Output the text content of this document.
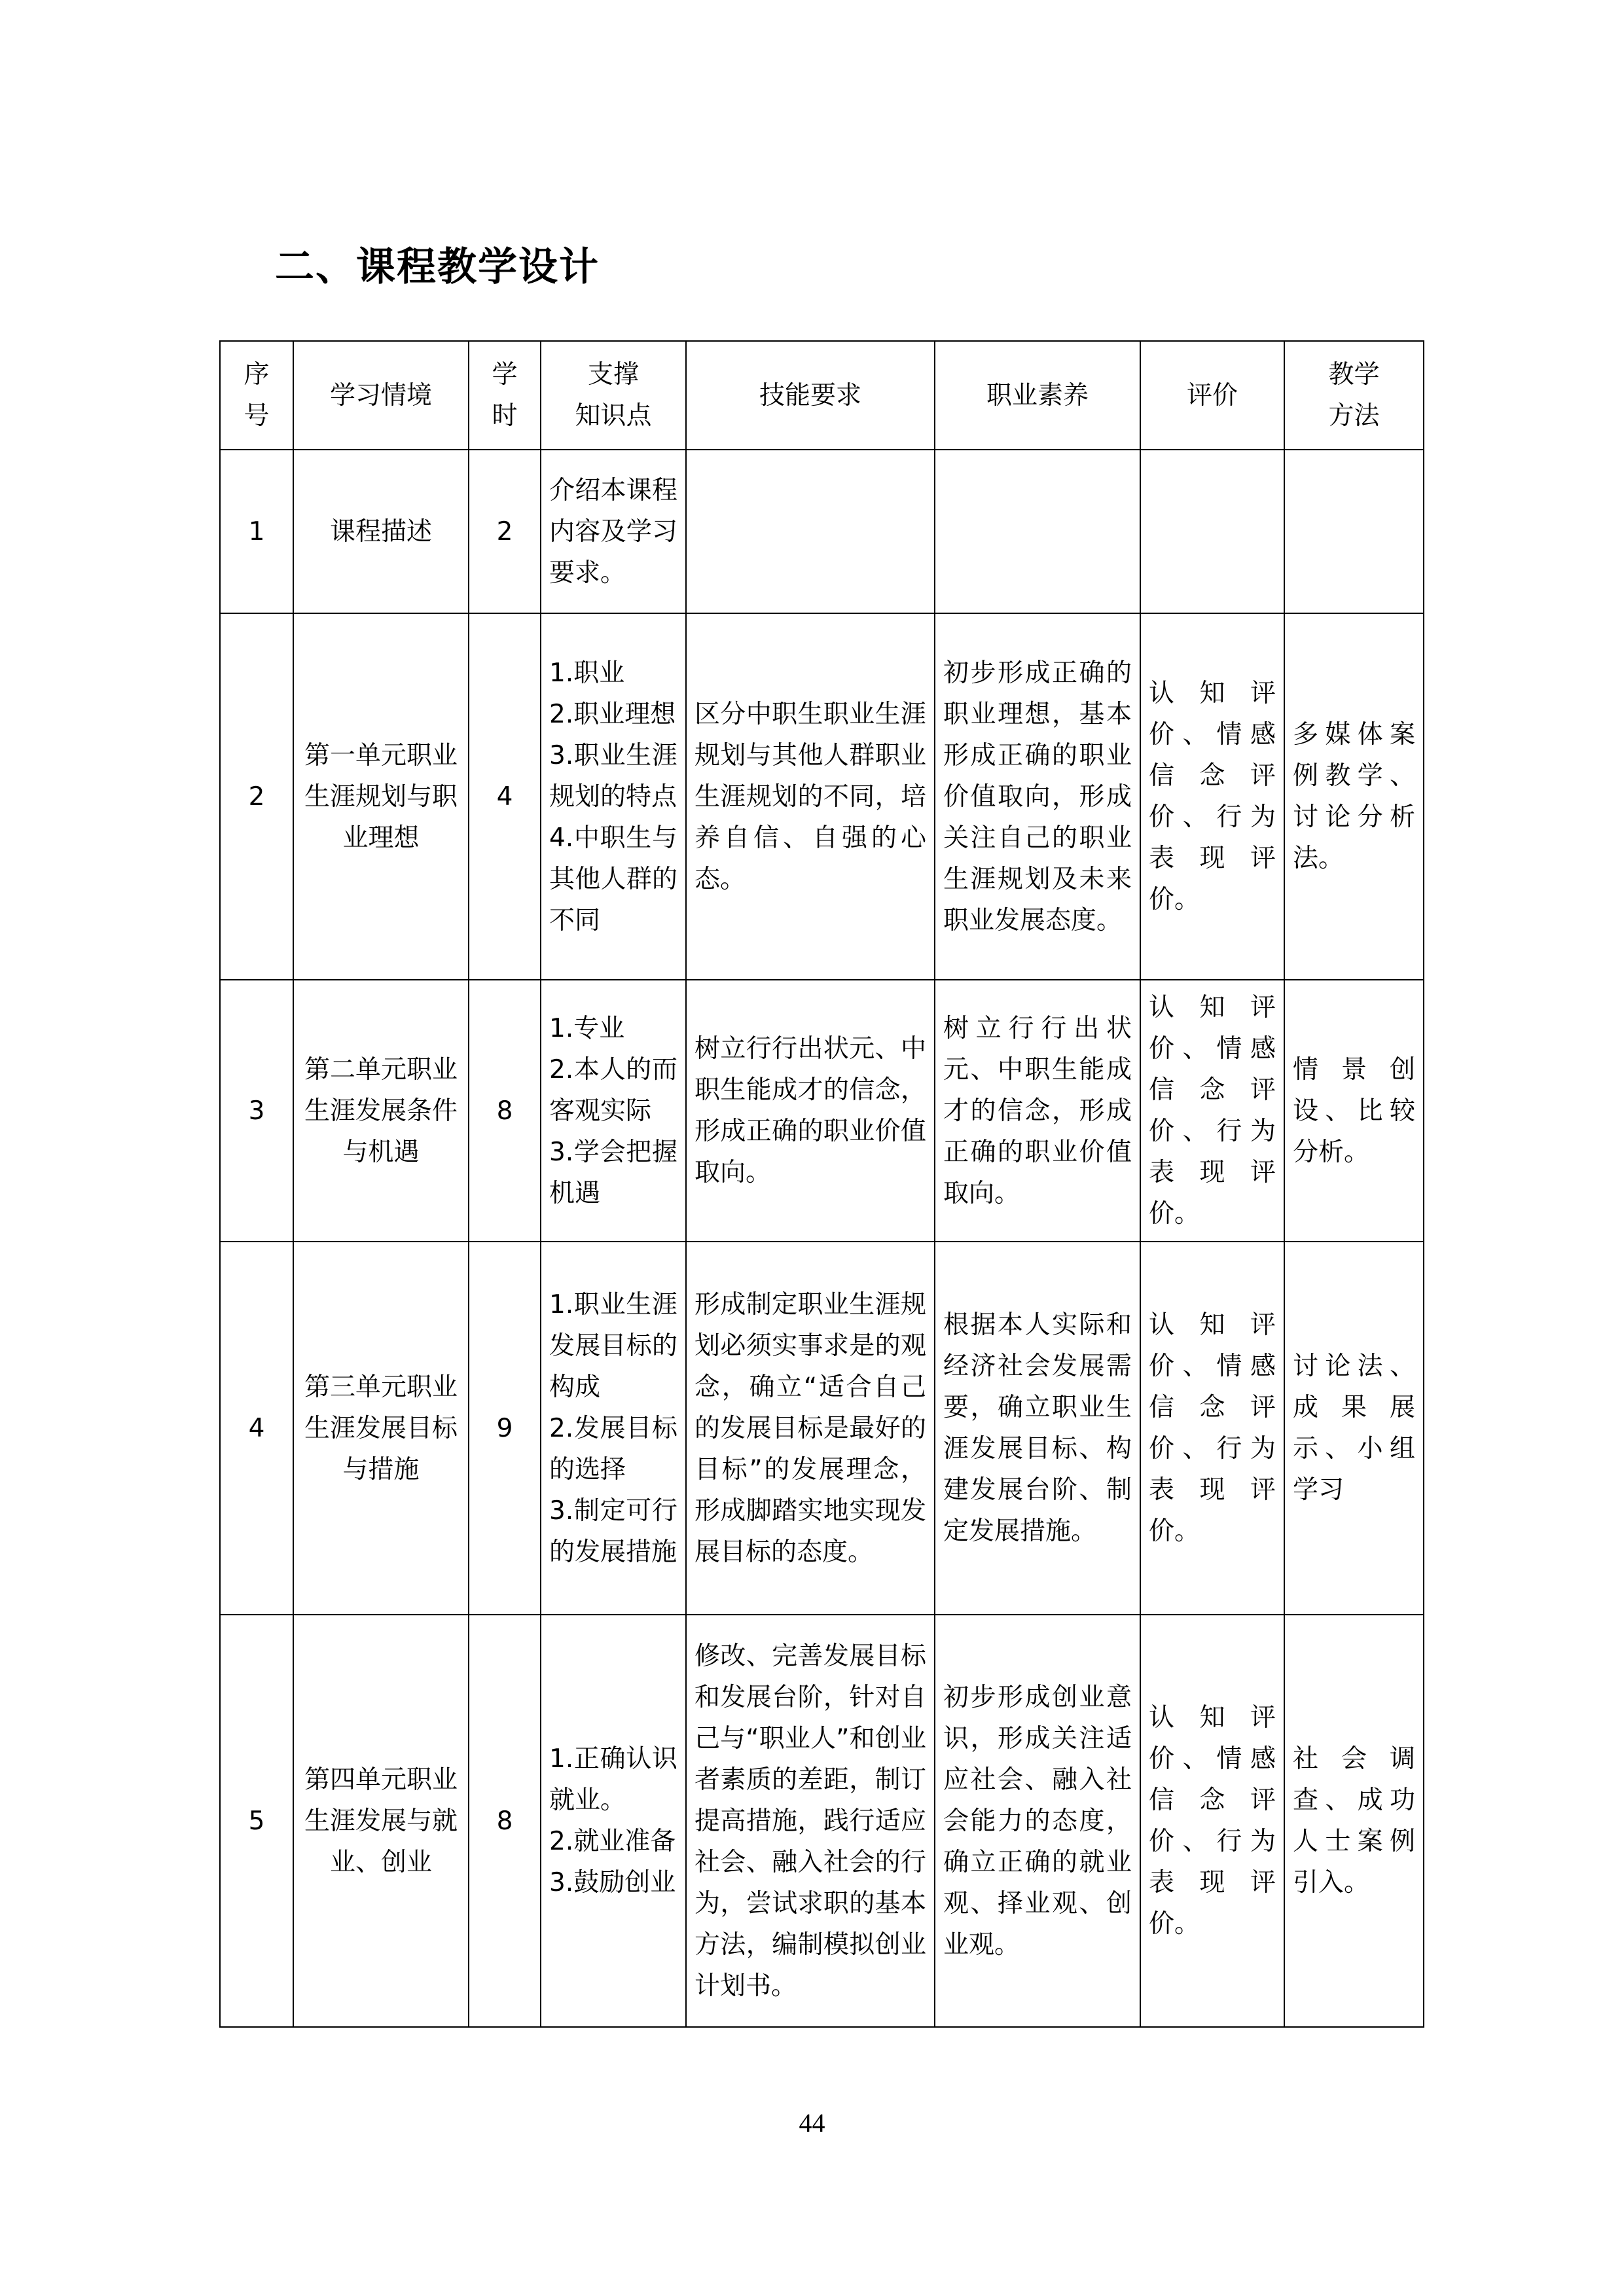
二、课程教学设计
序
号	学习情境	学
时	支撑
知识点	技能要求	职业素养	评价	教学
方法

1	课程描述	2	介绍本课程内容及学习要求。				

2	第一单元职业生涯规划与职业理想	4	1.职业
2.职业理想
3.职业生涯规划的特点
4.中职生与其他人群的不同	区分中职生职业生涯规划与其他人群职业生涯规划的不同，培养自信、自强的心态。	初步形成正确的职业理想，基本形成正确的职业价值取向，形成关注自己的职业生涯规划及未来职业发展态度。	认知评价、情感信念评价、行为表现评价。	多媒体案例教学、讨论分析法。
3	第二单元职业生涯发展条件与机遇	8	1.专业
2.本人的而客观实际
3.学会把握机遇	树立行行出状元、中职生能成才的信念，形成正确的职业价值取向。	树立行行出状元、中职生能成才的信念，形成正确的职业价值取向。	认知评价、情感信念评价、行为表现评价。	情景创设、比较分析。
4	第三单元职业生涯发展目标与措施	9	1.职业生涯发展目标的构成
2.发展目标的选择
3.制定可行的发展措施	形成制定职业生涯规划必须实事求是的观念，确立“适合自己的发展目标是最好的目标”的发展理念，形成脚踏实地实现发展目标的态度。	根据本人实际和经济社会发展需要，确立职业生涯发展目标、构建发展台阶、制定发展措施。	认知评价、情感信念评价、行为表现评价。	讨论法、成果展示、小组学习
5	第四单元职业生涯发展与就业、创业	8	1.正确认识就业。
2.就业准备
3.鼓励创业	修改、完善发展目标和发展台阶，针对自己与“职业人”和创业者素质的差距，制订提高措施，践行适应社会、融入社会的行为，尝试求职的基本方法，编制模拟创业计划书。	初步形成创业意识，形成关注适应社会、融入社会能力的态度，确立正确的就业观、择业观、创业观。	认知评价、情感信念评价、行为表现评价。	社会调查、成功人士案例引入。
44
